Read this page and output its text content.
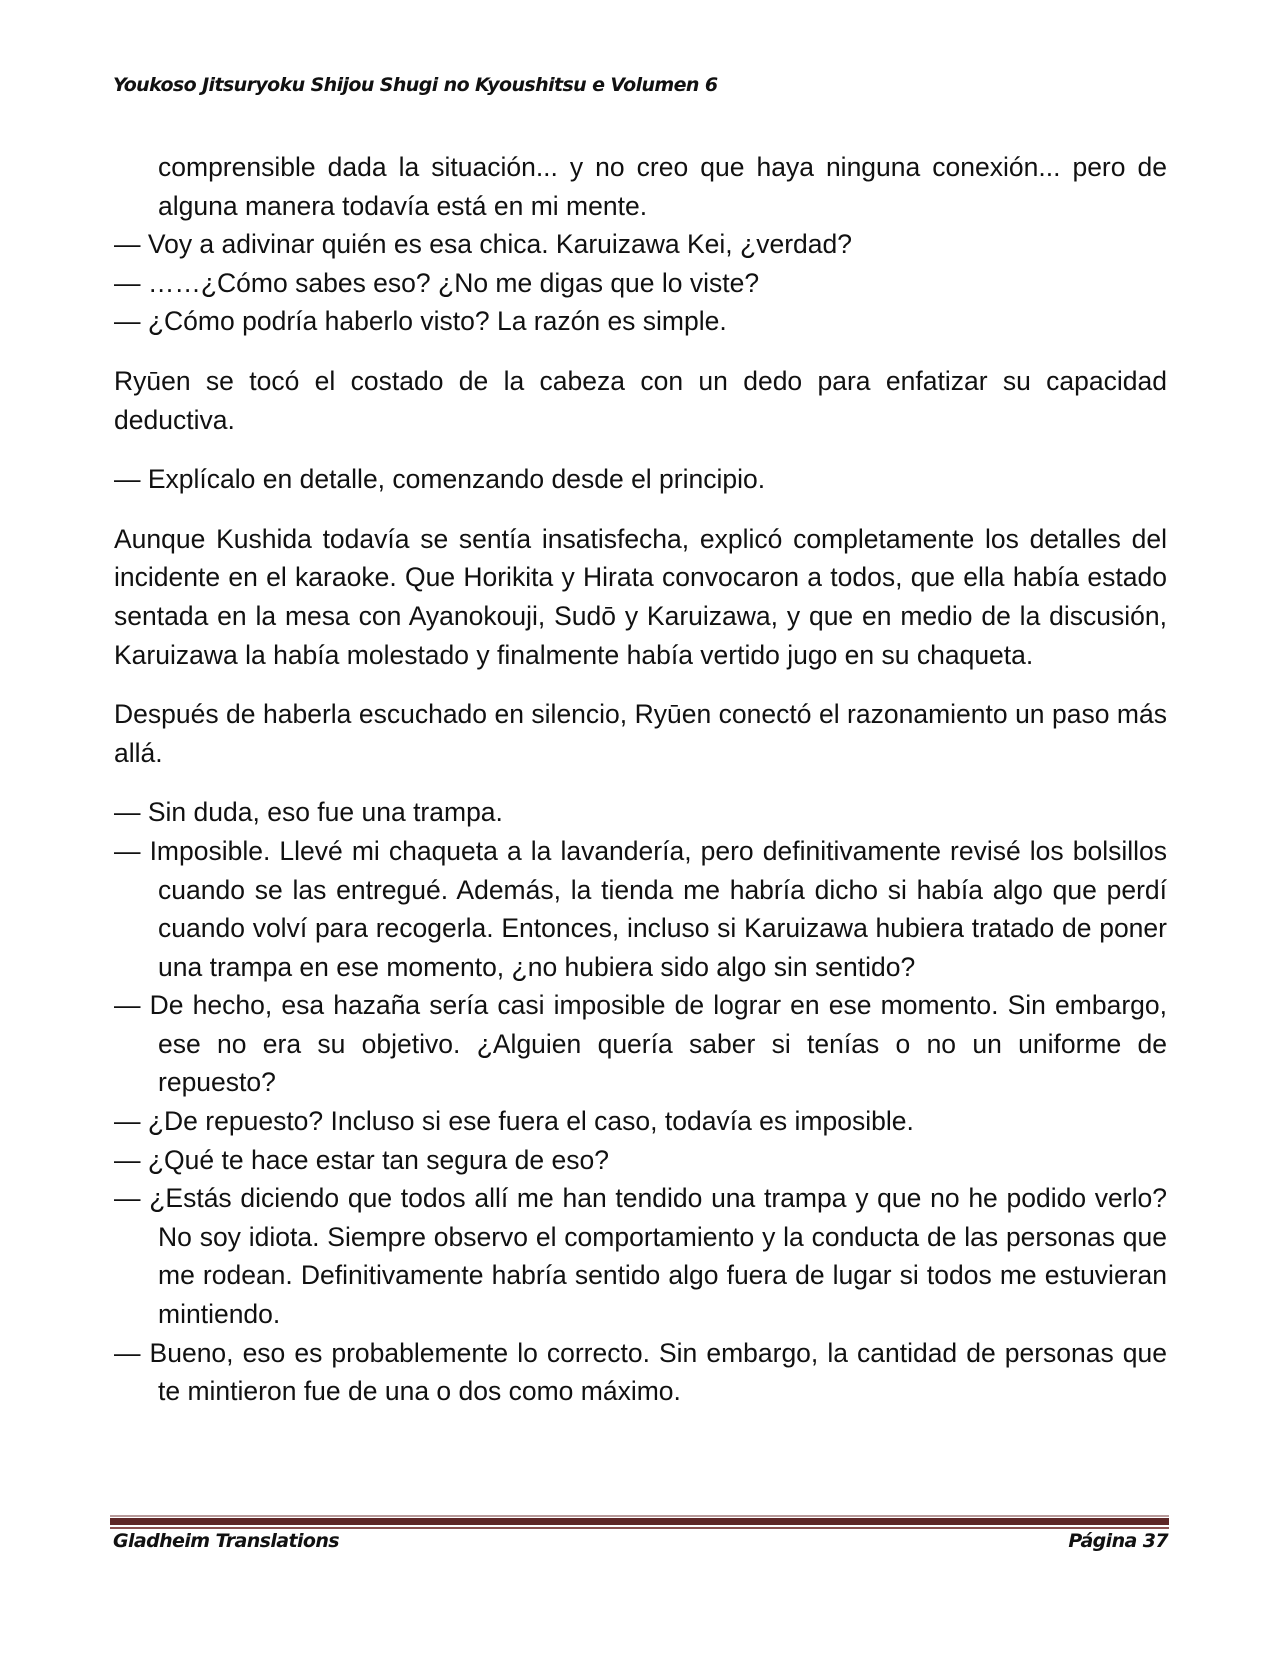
Youkoso Jitsuryoku Shijou Shugi no Kyoushitsu e Volumen 6

comprensible dada la situación... y no creo que haya ninguna conexión... pero de alguna manera todavía está en mi mente.

— Voy a adivinar quién es esa chica. Karuizawa Kei, ¿verdad?

— ……¿Cómo sabes eso? ¿No me digas que lo viste?

— ¿Cómo podría haberlo visto? La razón es simple.

Ryūen se tocó el costado de la cabeza con un dedo para enfatizar su capacidad deductiva.

— Explícalo en detalle, comenzando desde el principio.

Aunque Kushida todavía se sentía insatisfecha, explicó completamente los detalles del incidente en el karaoke. Que Horikita y Hirata convocaron a todos, que ella había estado sentada en la mesa con Ayanokouji, Sudō y Karuizawa, y que en medio de la discusión, Karuizawa la había molestado y finalmente había vertido jugo en su chaqueta.

Después de haberla escuchado en silencio, Ryūen conectó el razonamiento un paso más allá.

— Sin duda, eso fue una trampa.

— Imposible. Llevé mi chaqueta a la lavandería, pero definitivamente revisé los bolsillos cuando se las entregué. Además, la tienda me habría dicho si había algo que perdí cuando volví para recogerla. Entonces, incluso si Karuizawa hubiera tratado de poner una trampa en ese momento, ¿no hubiera sido algo sin sentido?

— De hecho, esa hazaña sería casi imposible de lograr en ese momento. Sin embargo, ese no era su objetivo. ¿Alguien quería saber si tenías o no un uniforme de repuesto?

— ¿De repuesto? Incluso si ese fuera el caso, todavía es imposible.

— ¿Qué te hace estar tan segura de eso?

— ¿Estás diciendo que todos allí me han tendido una trampa y que no he podido verlo? No soy idiota. Siempre observo el comportamiento y la conducta de las personas que me rodean. Definitivamente habría sentido algo fuera de lugar si todos me estuvieran mintiendo.

— Bueno, eso es probablemente lo correcto. Sin embargo, la cantidad de personas que te mintieron fue de una o dos como máximo.

Gladheim Translations	Página 37
